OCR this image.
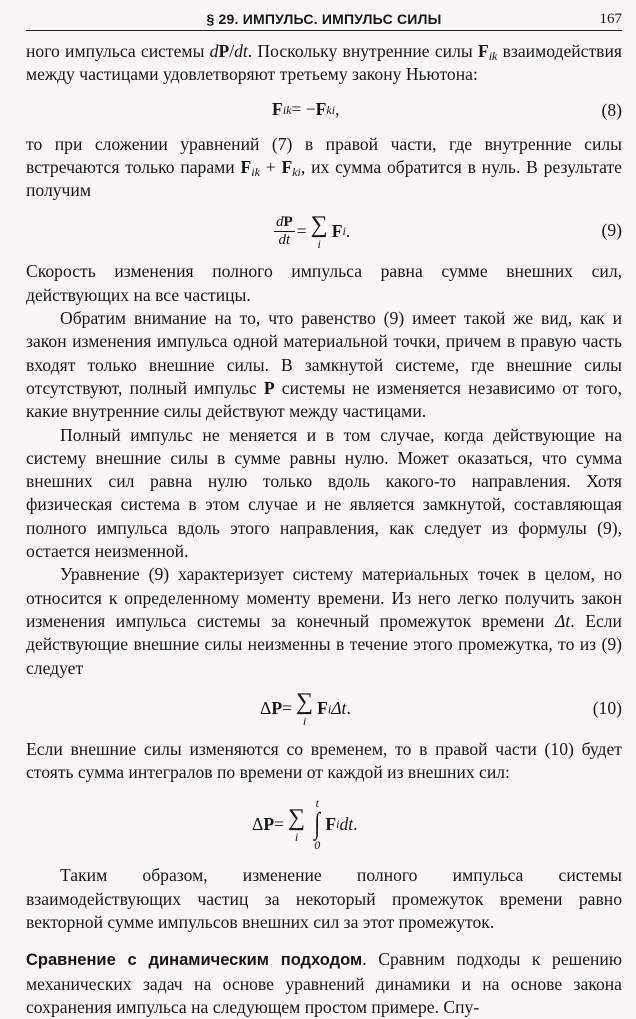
§ 29. ИМПУЛЬС. ИМПУЛЬС СИЛЫ	167

ного импульса системы dP/dt. Поскольку внутренние силы $F_{ik}$ взаимодействия между частицами удовлетворяют третьему закону Ньютона:

F ik = − F ki ,	(8)

то при сложении уравнений (7) в правой части, где внутренние силы встречаются только парами $F_{ik} + F_{ki}$, их сумма обратится в нуль. В результате получим

$\frac{dP}{dt}$ = ∑
i
F i .	(9)

Скорость изменения полного импульса равна сумме внешних сил, действующих на все частицы.

Обратим внимание на то, что равенство (9) имеет такой же вид, как и закон изменения импульса одной материальной точки, причем в правую часть входят только внешние силы. В замкнутой системе, где внешние силы отсутствуют, полный импульс P системы не изменяется независимо от того, какие внутренние силы действуют между частицами.

Полный импульс не меняется и в том случае, когда действующие на систему внешние силы в сумме равны нулю. Может оказаться, что сумма внешних сил равна нулю только вдоль какого-то направления. Хотя физическая система в этом случае и не является замкнутой, составляющая полного импульса вдоль этого направления, как следует из формулы (9), остается неизменной.

Уравнение (9) характеризует систему материальных точек в целом, но относится к определенному моменту времени. Из него легко получить закон изменения импульса системы за конечный промежуток времени Δt. Если действующие внешние силы неизменны в течение этого промежутка, то из (9) следует

Δ P = ∑
i
F i Δt .	(10)

Если внешние силы изменяются со временем, то в правой части (10) будет стоять сумма интегралов по времени от каждой из внешних сил:

Δ P = ∑
i
t
∫
0
F i dt .

Таким образом, изменение полного импульса системы взаимодействующих частиц за некоторый промежуток времени равно векторной сумме импульсов внешних сил за этот промежуток.

Сравнение с динамическим подходом. Сравним подходы к решению механических задач на основе уравнений динамики и на основе закона сохранения импульса на следующем простом примере. Спу-
